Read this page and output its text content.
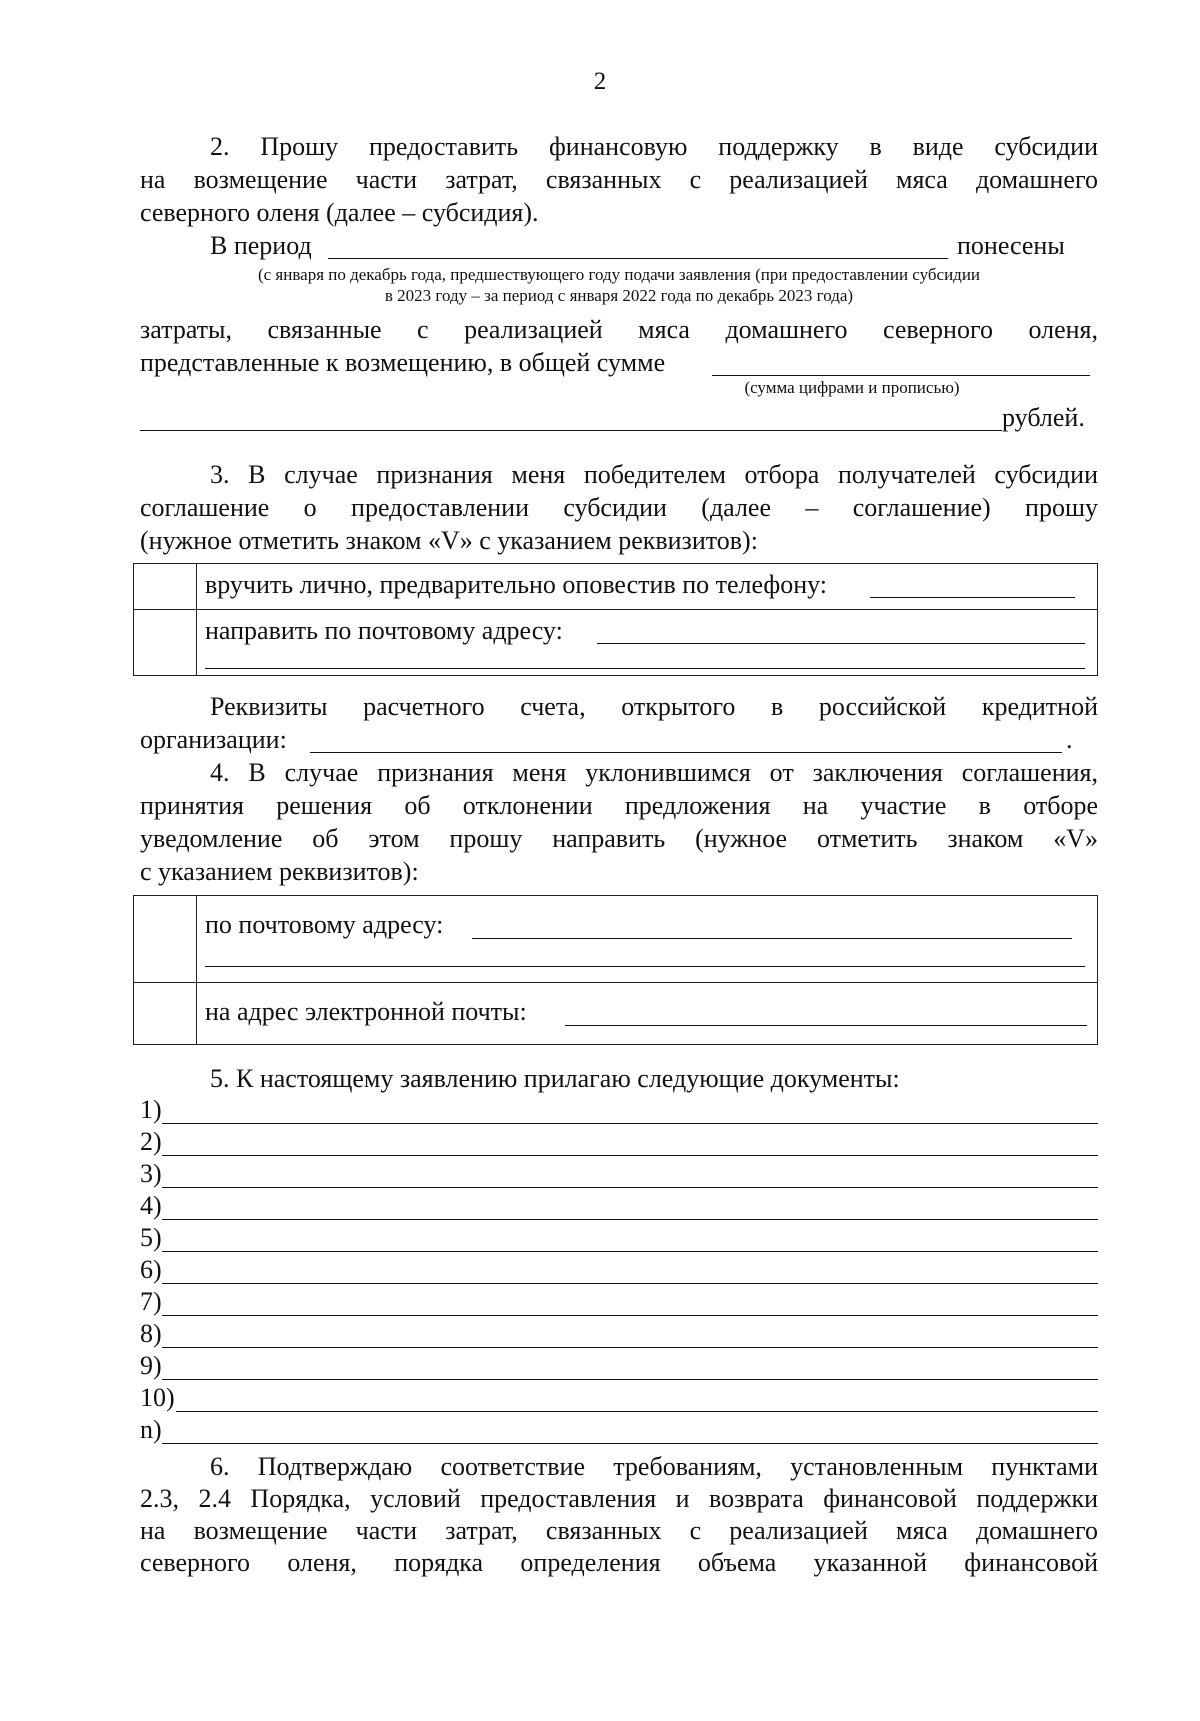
2
2. Прошу предоставить финансовую поддержку в виде субсидии
на возмещение части затрат, связанных с реализацией мяса домашнего
северного оленя (далее – субсидия).
В период	понесены
(с января по декабрь года, предшествующего году подачи заявления (при предоставлении субсидии
в 2023 году – за период с января 2022 года по декабрь 2023 года)
затраты, связанные с реализацией мяса домашнего северного оленя,
представленные к возмещению, в общей сумме
(сумма цифрами и прописью)
рублей.
3. В случае признания меня победителем отбора получателей субсидии
соглашение о предоставлении субсидии (далее – соглашение) прошу
(нужное отметить знаком «V» с указанием реквизитов):

	вручить лично, предварительно оповестив по телефону:

	направить по почтовому адресу:
Реквизиты расчетного счета, открытого в российской кредитной
организации:	.
4. В случае признания меня уклонившимся от заключения соглашения,
принятия решения об отклонении предложения на участие в отборе
уведомление об этом прошу направить (нужное отметить знаком «V»
с указанием реквизитов):

	по почтовому адресу:

	на адрес электронной почты:
5. К настоящему заявлению прилагаю следующие документы:
1)
2)
3)
4)
5)
6)
7)
8)
9)
10)
n)
6. Подтверждаю соответствие требованиям, установленным пунктами
2.3, 2.4 Порядка, условий предоставления и возврата финансовой поддержки
на возмещение части затрат, связанных с реализацией мяса домашнего
северного оленя, порядка определения объема указанной финансовой
